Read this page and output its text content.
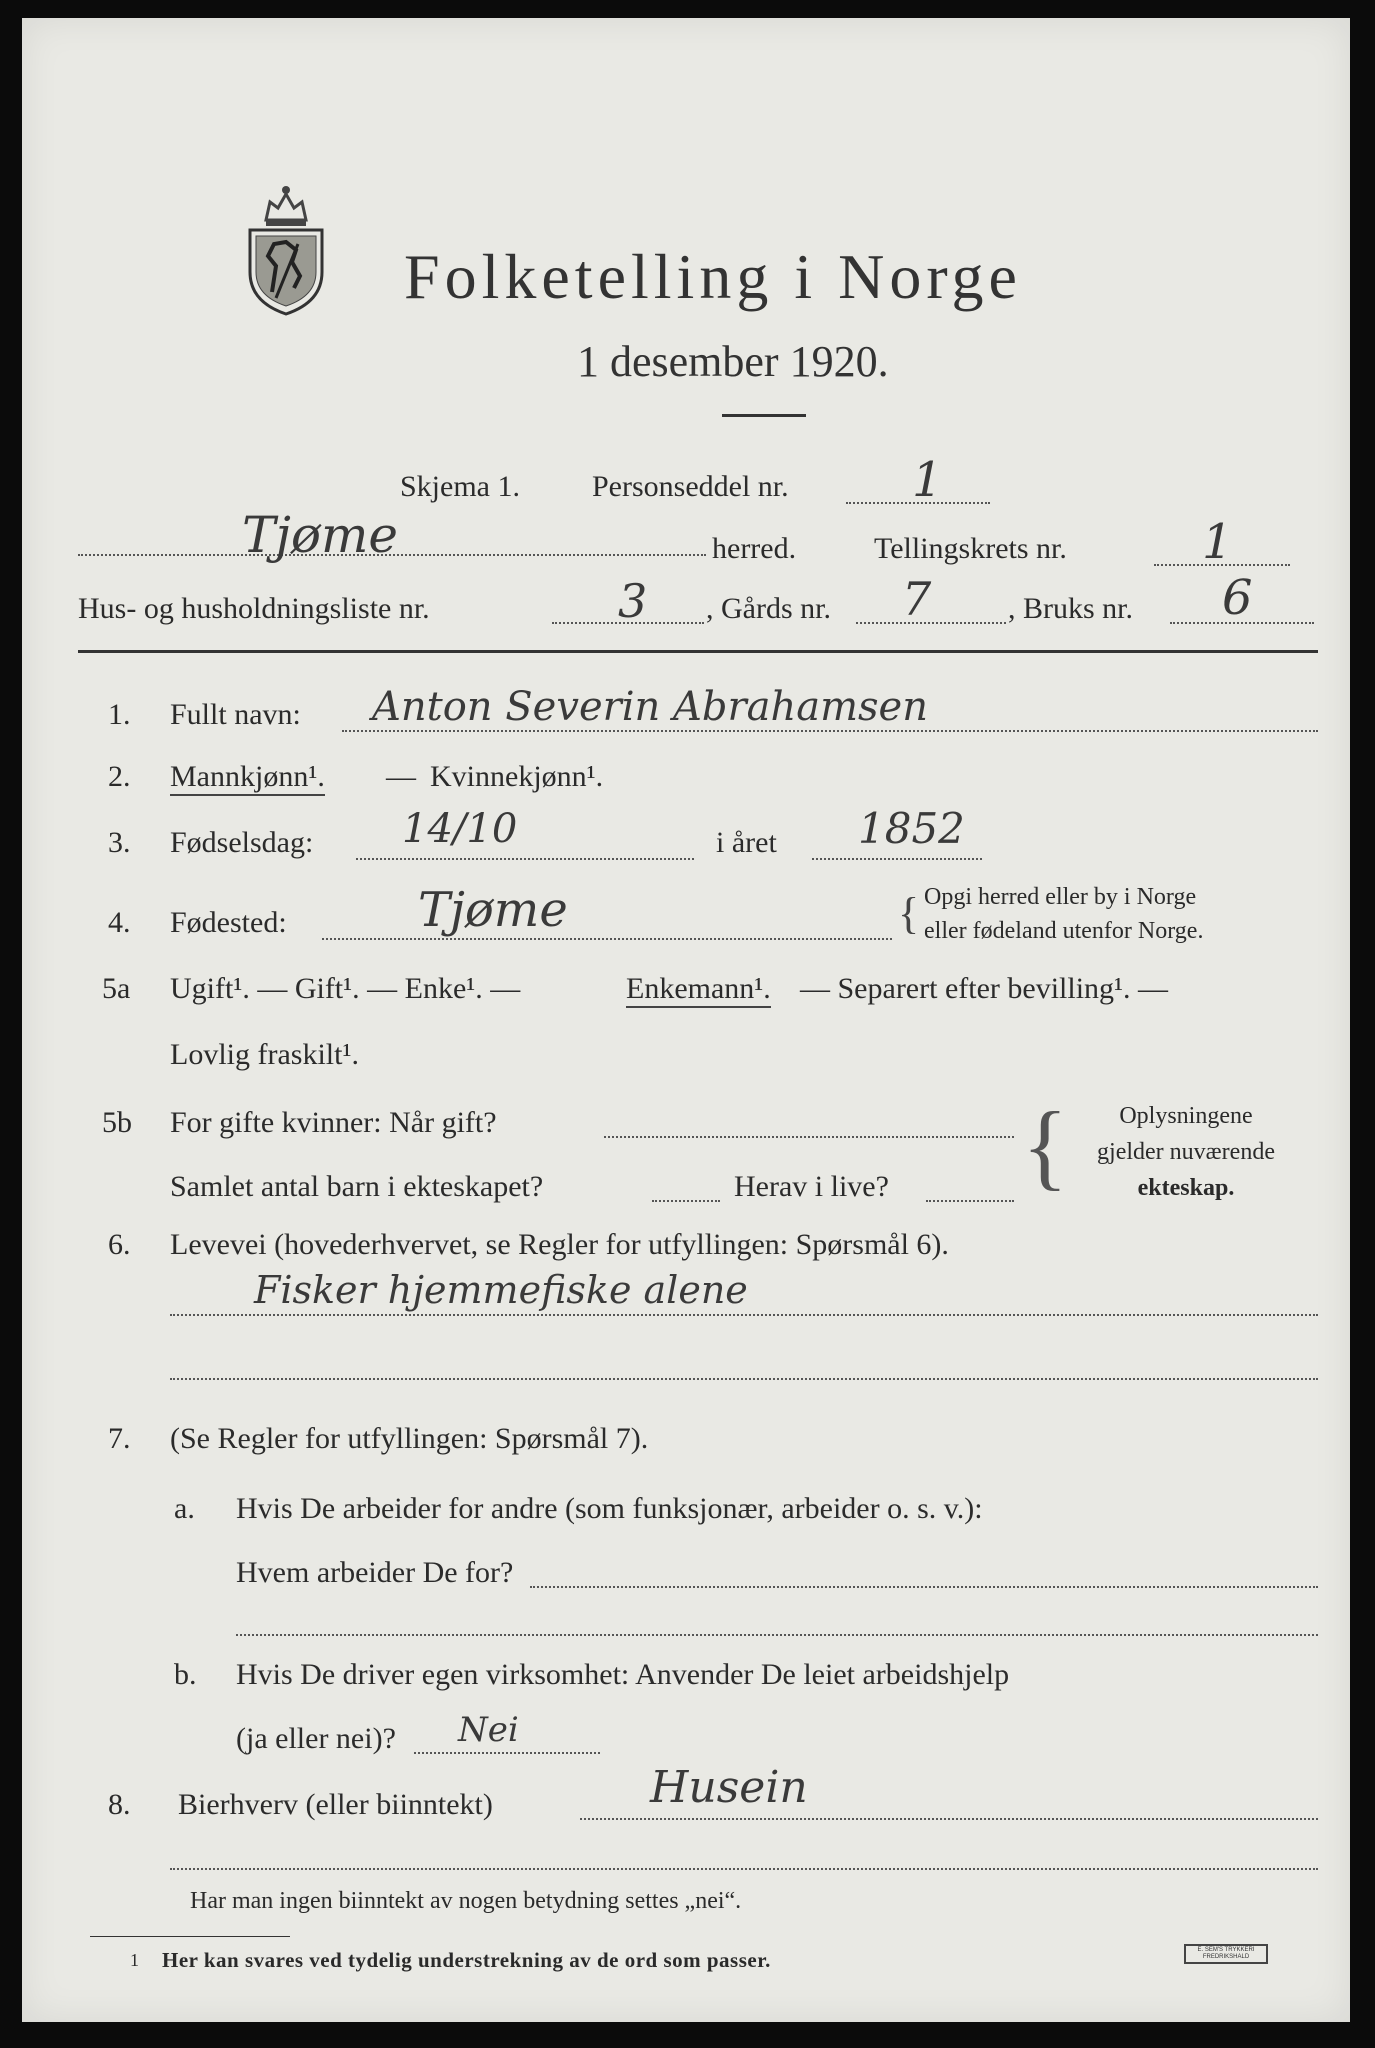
Folketelling i Norge
1 desember 1920.
Skjema 1. Personseddel nr.	1
Tjøme	herred.	Tellingskrets nr.	1
Hus- og husholdningsliste nr.	3 , Gårds nr. 7	, Bruks nr. 6
1. Fullt navn: Anton Severin Abrahamsen
2. Mannkjønn¹. — Kvinnekjønn¹.
3. Fødselsdag: 14/10	i året 1852
4. Fødested:	Tjøme	{ Opgi herred eller by i Norge
eller fødeland utenfor Norge.
5a Ugift¹. — Gift¹. — Enke¹. —	Enkemann¹. — Separert efter bevilling¹. —
Lovlig fraskilt¹.
5b For gifte kvinner: Når gift?
Samlet antal barn i ekteskapet?	Herav i live? {	Oplysningene
gjelder nuværende
ekteskap.
6. Levevei (hovederhvervet, se Regler for utfyllingen: Spørsmål 6).
Fisker hjemmefiske alene
7. (Se Regler for utfyllingen: Spørsmål 7).
a. Hvis De arbeider for andre (som funksjonær, arbeider o. s. v.):
Hvem arbeider De for?
b. Hvis De driver egen virksomhet: Anvender De leiet arbeidshjelp
(ja eller nei)? Nei
8. Bierhverv (eller biinntekt)	Husein
Har man ingen biinntekt av nogen betydning settes „nei“.
1 Her kan svares ved tydelig understrekning av de ord som passer.	E. SEM'S TRYKKERI FREDRIKSHALD
